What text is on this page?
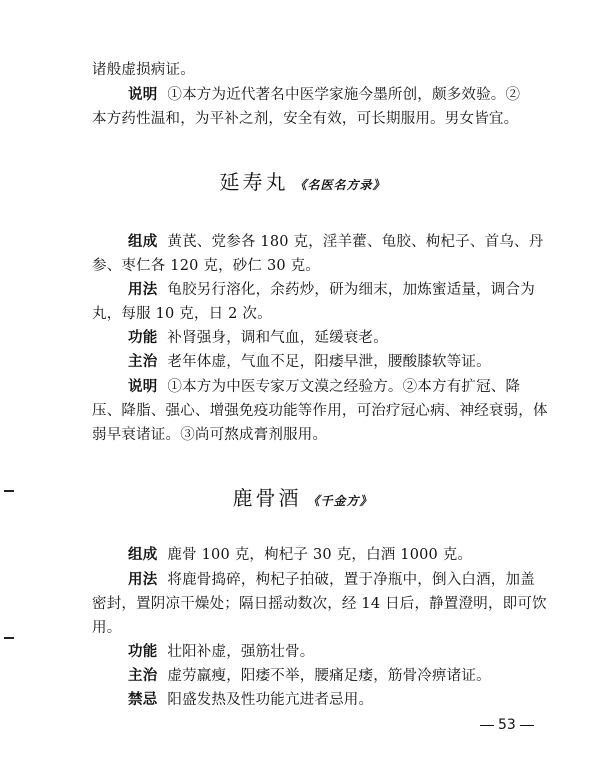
诸般虚损病证。
说明 ①本方为近代著名中医学家施今墨所创，颇多效验。②
本方药性温和，为平补之剂，安全有效，可长期服用。男女皆宜。
延寿丸 《名医名方录》
组成 黄芪、党参各 180 克，淫羊藿、龟胶、枸杞子、首乌、丹
参、枣仁各 120 克，砂仁 30 克。
用法 龟胶另行溶化，余药炒，研为细末，加炼蜜适量，调合为
丸，每服 10 克，日 2 次。
功能 补肾强身，调和气血，延缓衰老。
主治 老年体虚，气血不足，阳痿早泄，腰酸膝软等证。
说明 ①本方为中医专家万文漠之经验方。②本方有扩冠、降
压、降脂、强心、增强免疫功能等作用，可治疗冠心病、神经衰弱，体
弱早衰诸证。③尚可熬成膏剂服用。
鹿骨酒 《千金方》
组成 鹿骨 100 克，枸杞子 30 克，白酒 1000 克。
用法 将鹿骨捣碎，枸杞子拍破，置于净瓶中，倒入白酒，加盖
密封，置阴凉干燥处；隔日摇动数次，经 14 日后，静置澄明，即可饮
用。
功能 壮阳补虚，强筋壮骨。
主治 虚劳羸瘦，阳痿不举，腰痛足痿，筋骨冷痹诸证。
禁忌 阳盛发热及性功能亢进者忌用。
53
